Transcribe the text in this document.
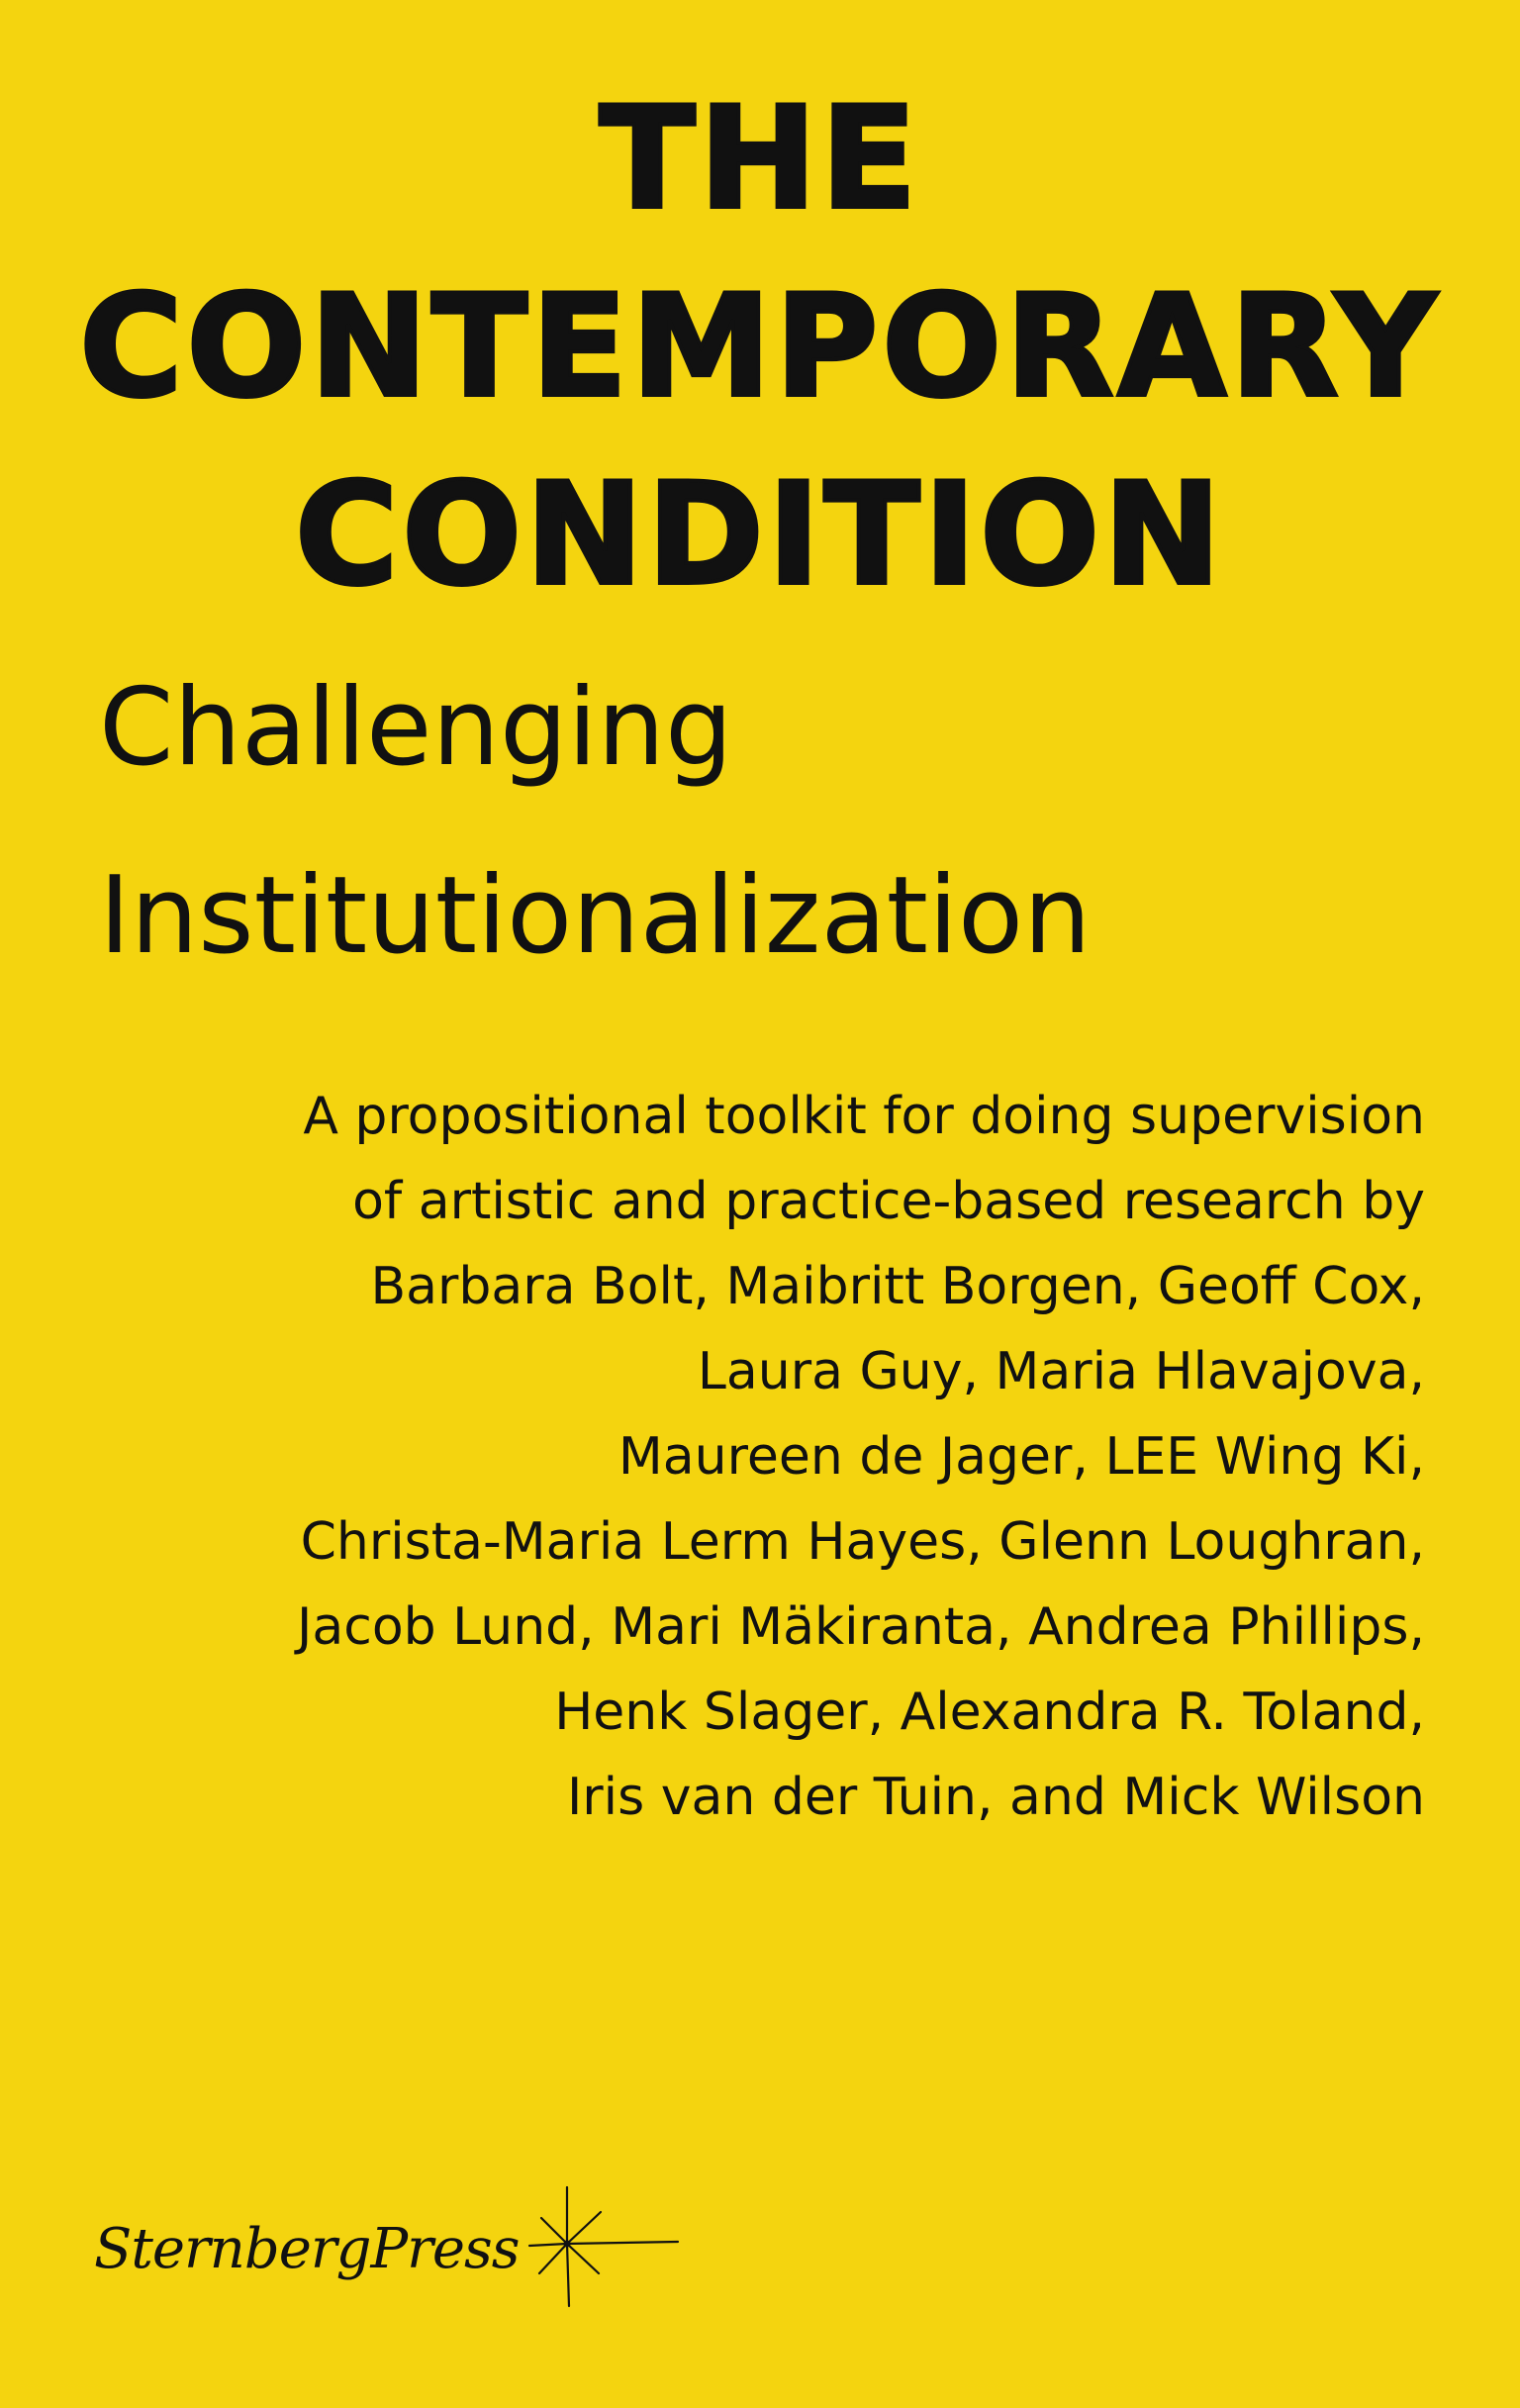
THE
CONTEMPORARY
CONDITION
Challenging
Institutionalization
A propositional toolkit for doing supervision
of artistic and practice-based research by
Barbara Bolt, Maibritt Borgen, Geoff Cox,
Laura Guy, Maria Hlavajova,
Maureen de Jager, LEE Wing Ki,
Christa-Maria Lerm Hayes, Glenn Loughran,
Jacob Lund, Mari Mäkiranta, Andrea Phillips,
Henk Slager, Alexandra R. Toland,
Iris van der Tuin, and Mick Wilson
SternbergPress
